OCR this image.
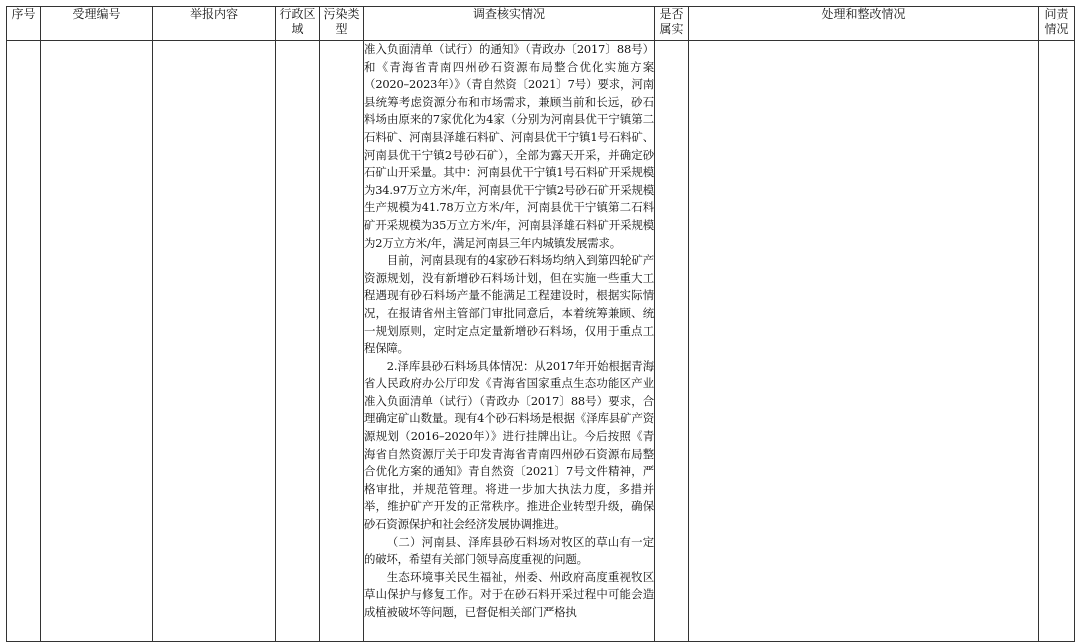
序号	受理编号	举报内容	行政区域	污染类型	调查核实情况	是否属实	处理和整改情况	问责情况

					准入负面清单（试行）的通知》（青政办〔2017〕88号）和《青海省青南四州砂石资源布局整合优化实施方案（2020–2023年）》（青自然资〔2021〕7号）要求，河南县统筹考虑资源分布和市场需求，兼顾当前和长远，砂石料场由原来的7家优化为4家（分别为河南县优干宁镇第二石料矿、河南县泽雄石料矿、河南县优干宁镇1号石料矿、河南县优干宁镇2号砂石矿），全部为露天开采，并确定砂石矿山开采量。其中：河南县优干宁镇1号石料矿开采规模为34.97万立方米/年，河南县优干宁镇2号砂石矿开采规模生产规模为41.78万立方米/年，河南县优干宁镇第二石料矿开采规模为35万立方米/年，河南县泽雄石料矿开采规模为2万立方米/年，满足河南县三年内城镇发展需求。

目前，河南县现有的4家砂石料场均纳入到第四轮矿产资源规划，没有新增砂石料场计划，但在实施一些重大工程遇现有砂石料场产量不能满足工程建设时，根据实际情况，在报请省州主管部门审批同意后，本着统筹兼顾、统一规划原则，定时定点定量新增砂石料场，仅用于重点工程保障。

2.泽库县砂石料场具体情况：从2017年开始根据青海省人民政府办公厅印发《青海省国家重点生态功能区产业准入负面清单（试行）（青政办〔2017〕88号）要求，合理确定矿山数量。现有4个砂石料场是根据《泽库县矿产资源规划（2016–2020年）》进行挂牌出让。今后按照《青海省自然资源厅关于印发青海省青南四州砂石资源布局整合优化方案的通知》青自然资〔2021〕7号文件精神，严格审批，并规范管理。将进一步加大执法力度，多措并举，维护矿产开发的正常秩序。推进企业转型升级，确保砂石资源保护和社会经济发展协调推进。

（二）河南县、泽库县砂石料场对牧区的草山有一定的破坏，希望有关部门领导高度重视的问题。

生态环境事关民生福祉，州委、州政府高度重视牧区草山保护与修复工作。对于在砂石料开采过程中可能会造成植被破坏等问题，已督促相关部门严格执			
